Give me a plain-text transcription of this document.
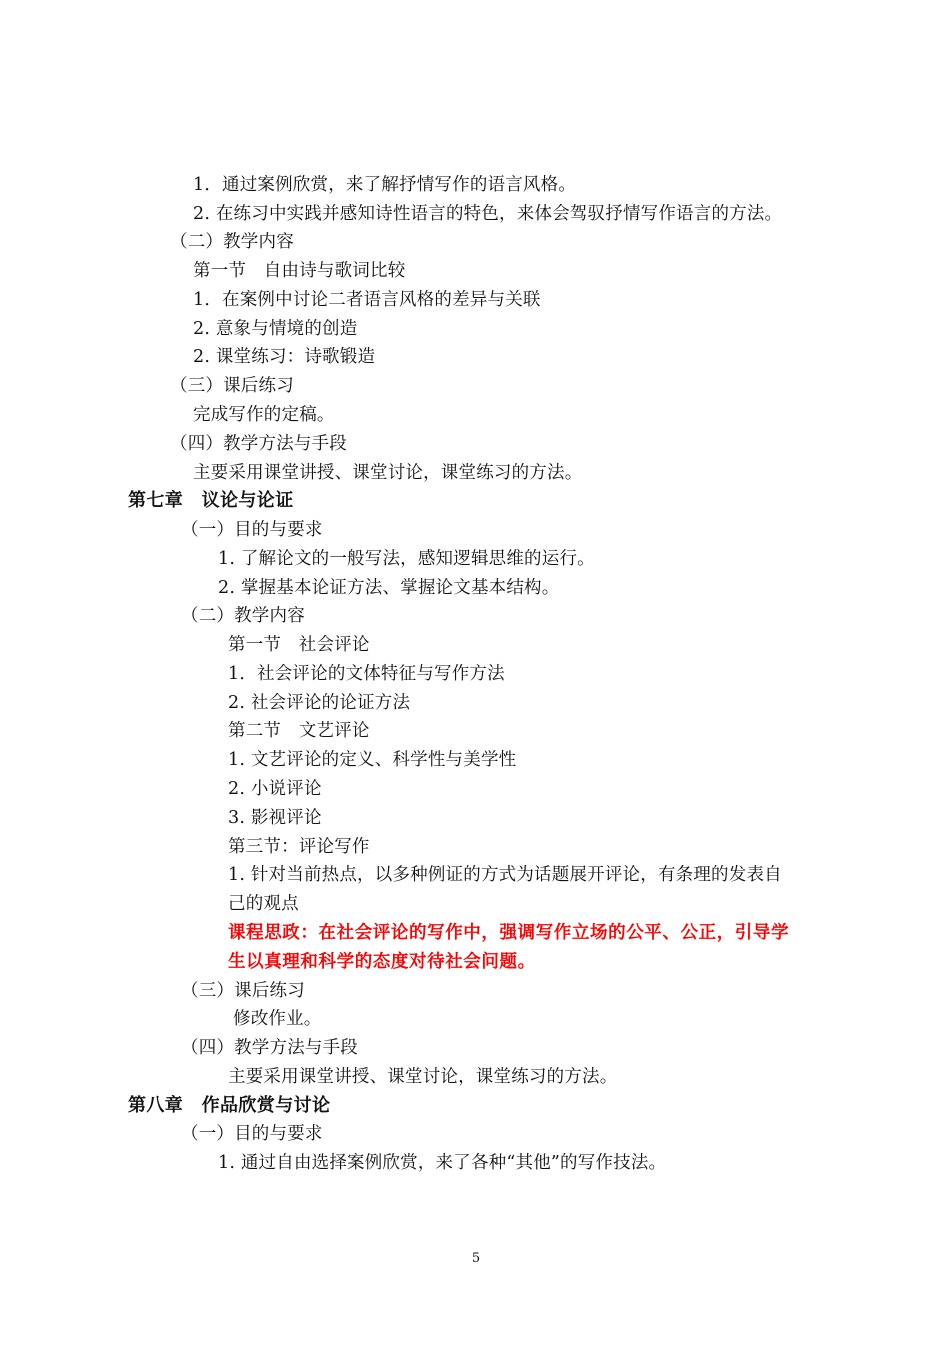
1．通过案例欣赏，来了解抒情写作的语言风格。
2. 在练习中实践并感知诗性语言的特色，来体会驾驭抒情写作语言的方法。
（二）教学内容
第一节　自由诗与歌词比较
1．在案例中讨论二者语言风格的差异与关联
2. 意象与情境的创造
2. 课堂练习：诗歌锻造
（三）课后练习
完成写作的定稿。
（四）教学方法与手段
主要采用课堂讲授、课堂讨论，课堂练习的方法。
第七章　议论与论证
（一）目的与要求
1. 了解论文的一般写法，感知逻辑思维的运行。
2. 掌握基本论证方法、掌握论文基本结构。
（二）教学内容
第一节　社会评论
1．社会评论的文体特征与写作方法
2. 社会评论的论证方法
第二节　文艺评论
1. 文艺评论的定义、科学性与美学性
2. 小说评论
3. 影视评论
第三节：评论写作
1. 针对当前热点，以多种例证的方式为话题展开评论，有条理的发表自
己的观点
课程思政：在社会评论的写作中，强调写作立场的公平、公正，引导学
生以真理和科学的态度对待社会问题。
（三）课后练习
修改作业。
（四）教学方法与手段
主要采用课堂讲授、课堂讨论，课堂练习的方法。
第八章　作品欣赏与讨论
（一）目的与要求
1. 通过自由选择案例欣赏，来了各种“其他”的写作技法。
5
